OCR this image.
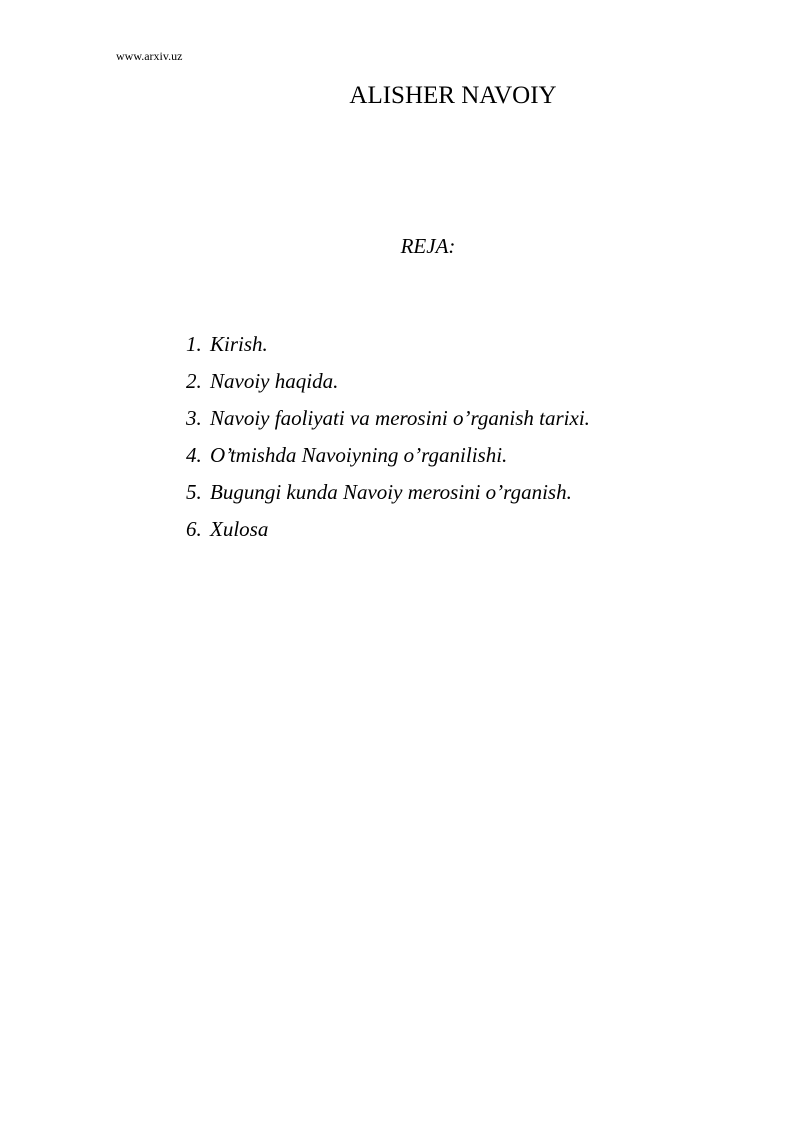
www.arxiv.uz
ALISHER NAVOIY
REJA:
1. Kirish.
2. Navoiy haqida.
3. Navoiy faoliyati va merosini o’rganish tarixi.
4. O’tmishda Navoiyning o’rganilishi.
5. Bugungi kunda Navoiy merosini o’rganish.
6. Xulosa
